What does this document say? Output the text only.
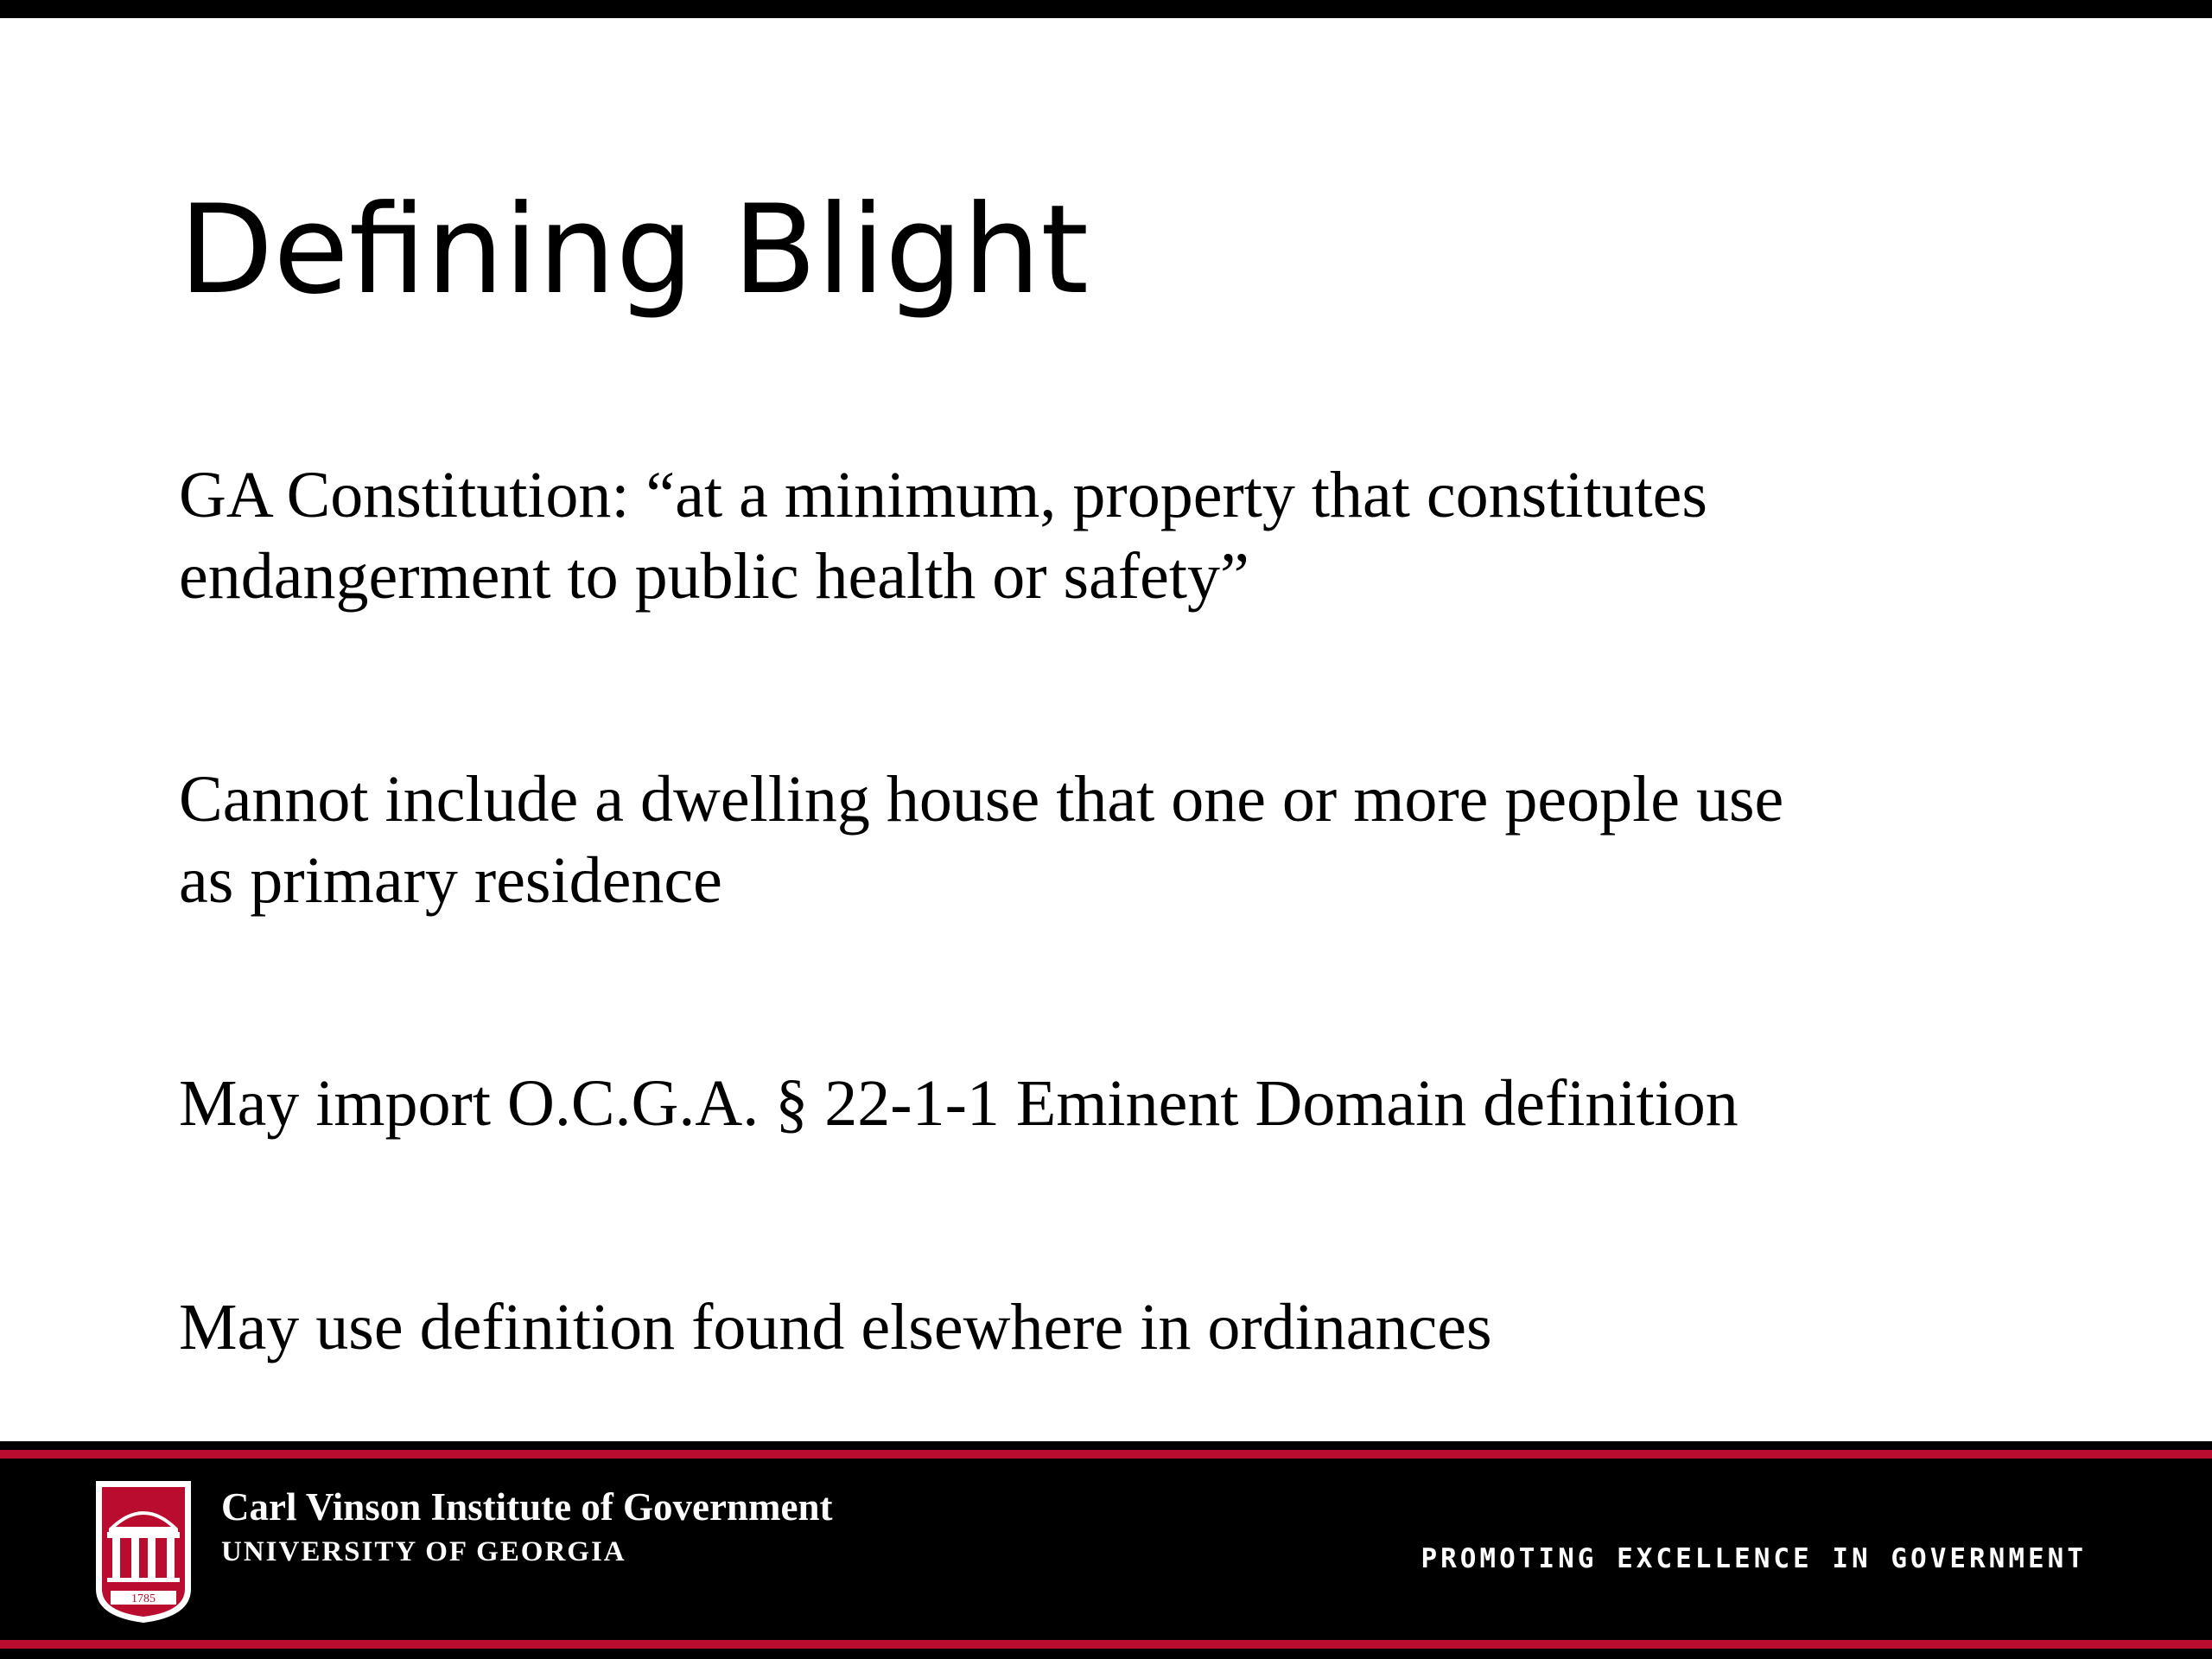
Defining Blight

GA Constitution: “at a minimum, property that constitutes
endangerment to public health or safety”

Cannot include a dwelling house that one or more people use
as primary residence

May import O.C.G.A. § 22-1-1 Eminent Domain definition

May use definition found elsewhere in ordinances

1785
Carl Vinson Institute of Government
UNIVERSITY OF GEORGIA	PROMOTING EXCELLENCE IN GOVERNMENT
